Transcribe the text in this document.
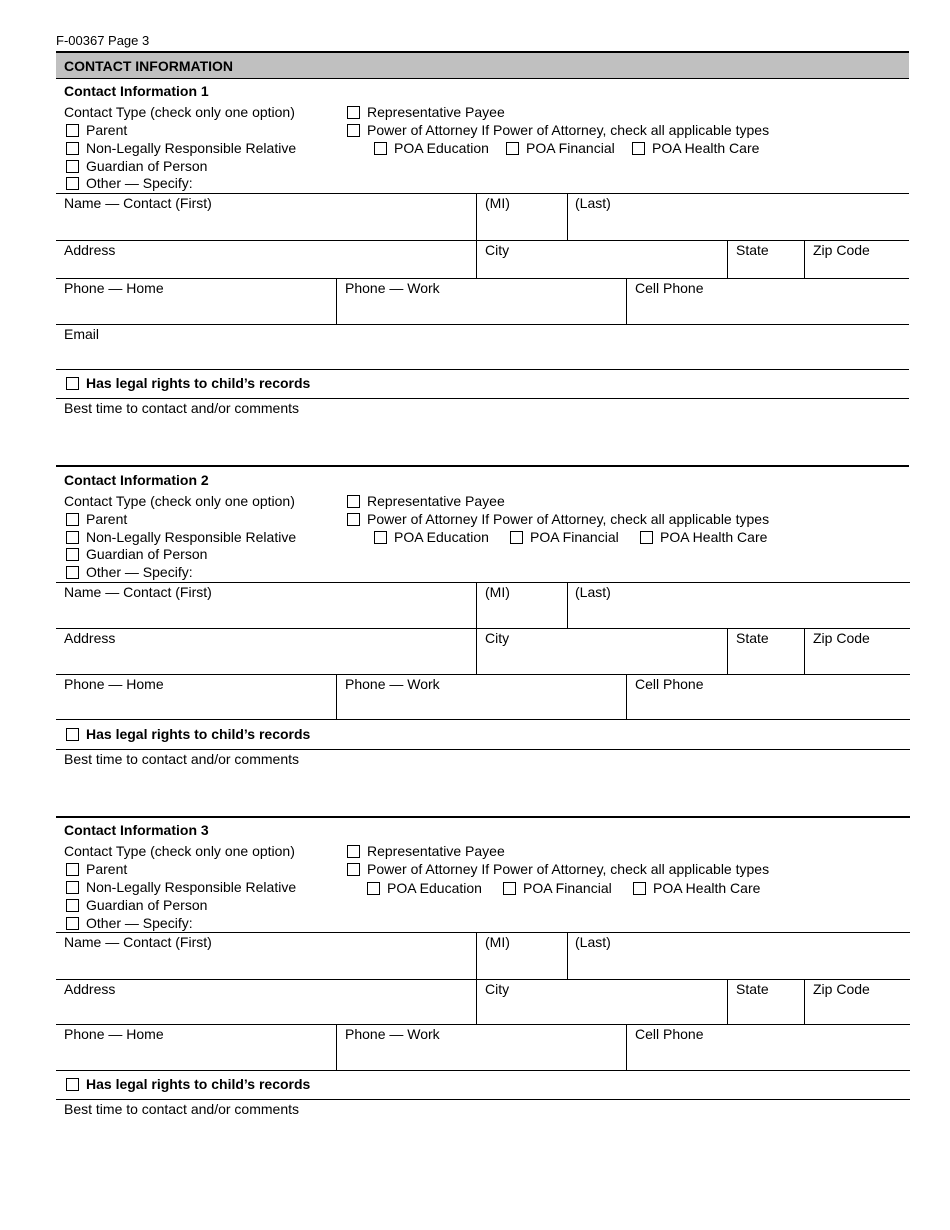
F-00367 Page 3
CONTACT INFORMATION
Contact Information 1
Contact Type (check only one option)
Parent
Non-Legally Responsible Relative
Guardian of Person
Other — Specify:
Representative Payee
Power of Attorney If Power of Attorney, check all applicable types
POA Education	POA Financial	POA Health Care
Name — Contact (First)	(MI)	(Last)
Address	City	State	Zip Code
Phone — Home	Phone — Work	Cell Phone
Email
Has legal rights to child’s records
Best time to contact and/or comments
Contact Information 2
Contact Type (check only one option)
Parent
Non-Legally Responsible Relative
Guardian of Person
Other — Specify:
Representative Payee
Power of Attorney If Power of Attorney, check all applicable types
POA Education	POA Financial	POA Health Care
Name — Contact (First)	(MI)	(Last)
Address	City	State	Zip Code
Phone — Home	Phone — Work	Cell Phone
Has legal rights to child’s records
Best time to contact and/or comments
Contact Information 3
Contact Type (check only one option)
Parent
Non-Legally Responsible Relative
Guardian of Person
Other — Specify:
Representative Payee
Power of Attorney If Power of Attorney, check all applicable types
POA Education	POA Financial	POA Health Care
Name — Contact (First)	(MI)	(Last)
Address	City	State	Zip Code
Phone — Home	Phone — Work	Cell Phone
Has legal rights to child’s records
Best time to contact and/or comments
